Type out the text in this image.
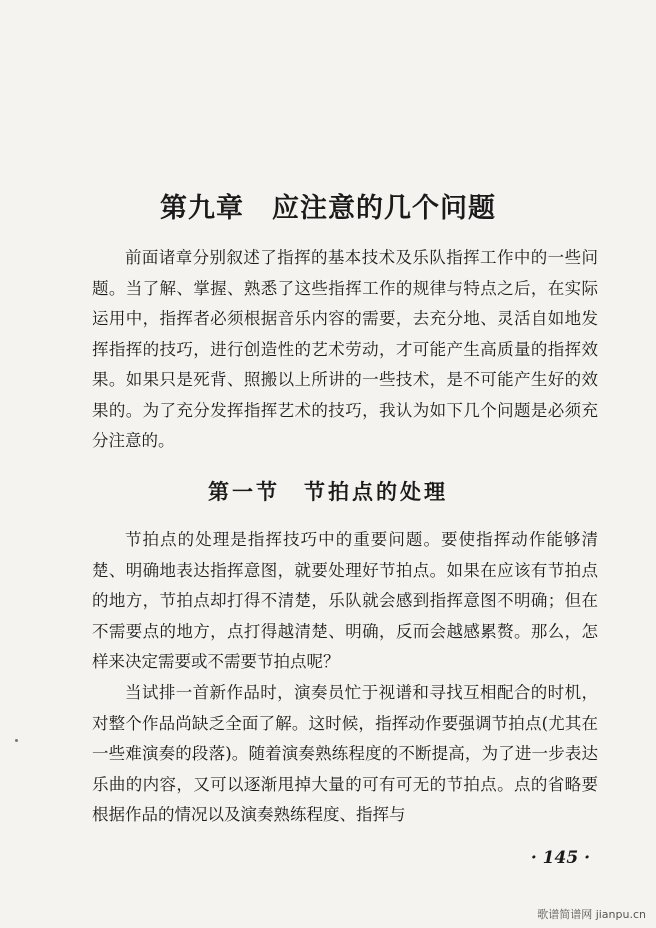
第九章　应注意的几个问题

前面诸章分别叙述了指挥的基本技术及乐队指挥工作中的一些问题。当了解、掌握、熟悉了这些指挥工作的规律与特点之后，在实际运用中，指挥者必须根据音乐内容的需要，去充分地、灵活自如地发挥指挥的技巧，进行创造性的艺术劳动，才可能产生高质量的指挥效果。如果只是死背、照搬以上所讲的一些技术，是不可能产生好的效果的。为了充分发挥指挥艺术的技巧，我认为如下几个问题是必须充分注意的。

第一节　节拍点的处理

节拍点的处理是指挥技巧中的重要问题。要使指挥动作能够清楚、明确地表达指挥意图，就要处理好节拍点。如果在应该有节拍点的地方，节拍点却打得不清楚，乐队就会感到指挥意图不明确；但在不需要点的地方，点打得越清楚、明确，反而会越感累赘。那么，怎样来决定需要或不需要节拍点呢？

当试排一首新作品时，演奏员忙于视谱和寻找互相配合的时机，对整个作品尚缺乏全面了解。这时候，指挥动作要强调节拍点(尤其在一些难演奏的段落)。随着演奏熟练程度的不断提高，为了进一步表达乐曲的内容，又可以逐渐甩掉大量的可有可无的节拍点。点的省略要根据作品的情况以及演奏熟练程度、指挥与

· 145 ·

歌谱简谱网 jianpu.cn
